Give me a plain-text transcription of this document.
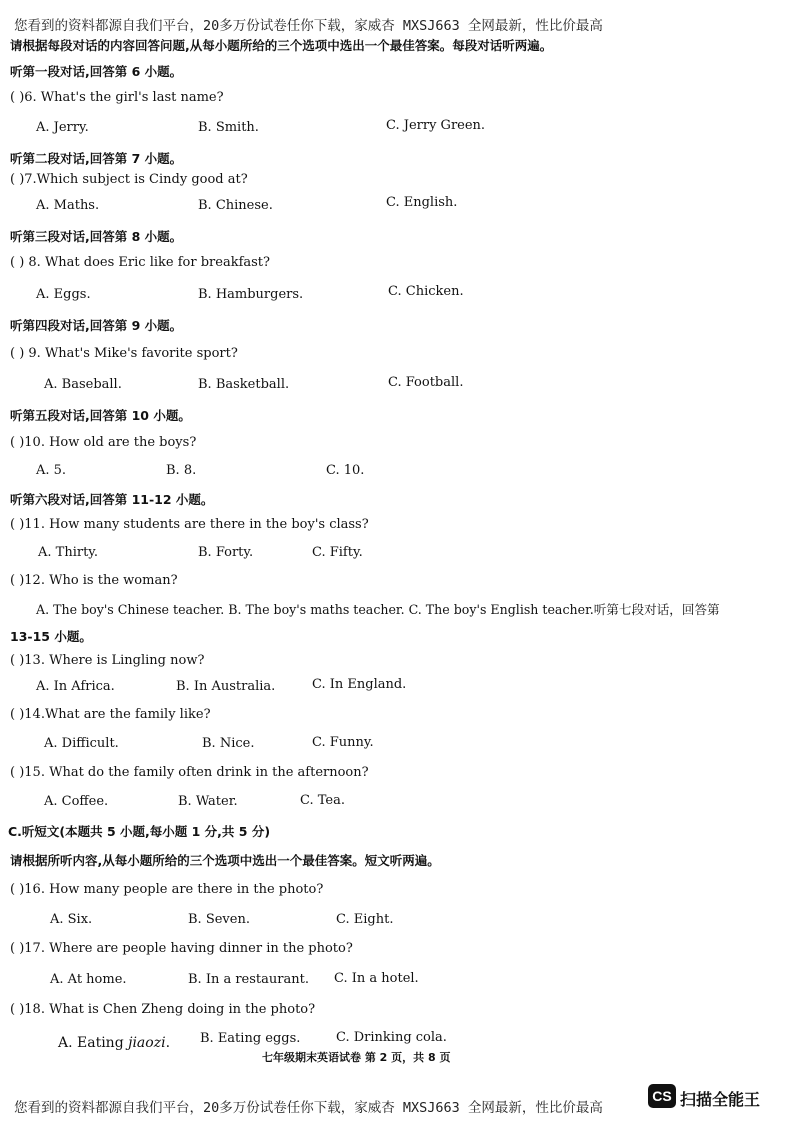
您看到的资料都源自我们平台，20多万份试卷任你下载，家威杏 MXSJ663 全网最新，性比价最高
请根据每段对话的内容回答问题,从每小题所给的三个选项中选出一个最佳答案。每段对话听两遍。
听第一段对话,回答第 6 小题。
( )6. What's the girl's last name?
A. Jerry.	B. Smith.	C. Jerry Green.
听第二段对话,回答第 7 小题。
( )7.Which subject is Cindy good at?
A. Maths.	B. Chinese.	C. English.
听第三段对话,回答第 8 小题。
( ) 8. What does Eric like for breakfast?
A. Eggs.	B. Hamburgers.	C. Chicken.
听第四段对话,回答第 9 小题。
( ) 9. What's Mike's favorite sport?
A. Baseball.	B. Basketball.	C. Football.
听第五段对话,回答第 10 小题。
( )10. How old are the boys?
A. 5.	B. 8.	C. 10.
听第六段对话,回答第 11-12 小题。
( )11. How many students are there in the boy's class?
A. Thirty.	B. Forty.	C. Fifty.
( )12. Who is the woman?
A. The boy's Chinese teacher. B. The boy's maths teacher. C. The boy's English teacher.听第七段对话，回答第
13-15 小题。
( )13. Where is Lingling now?
A. In Africa.	B. In Australia.	C. In England.
( )14.What are the family like?
A. Difficult.	B. Nice.	C. Funny.
( )15. What do the family often drink in the afternoon?
A. Coffee.	B. Water.	C. Tea.
C.听短文(本题共 5 小题,每小题 1 分,共 5 分)
请根据所听内容,从每小题所给的三个选项中选出一个最佳答案。短文听两遍。
( )16. How many people are there in the photo?
A. Six.	B. Seven.	C. Eight.
( )17. Where are people having dinner in the photo?
A. At home.	B. In a restaurant. C. In a hotel.
( )18. What is Chen Zheng doing in the photo?
A. Eating jiaozi. B. Eating eggs.	C. Drinking cola.
七年级期末英语试卷 第 2 页，共 8 页
您看到的资料都源自我们平台，20多万份试卷任你下载，家威杏 MXSJ663 全网最新，性比价最高
CS 扫描全能王
